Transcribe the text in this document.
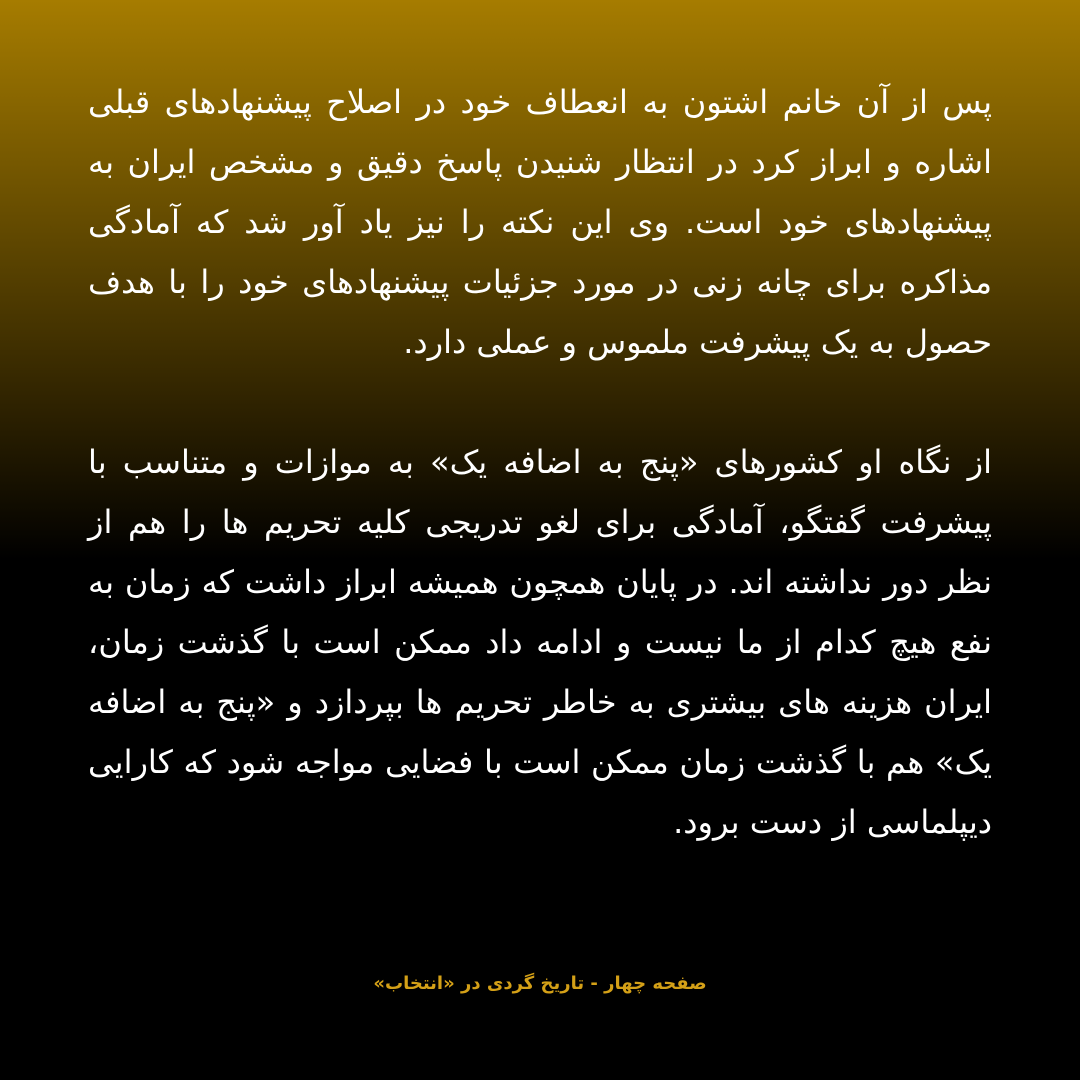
پس از آن خانم اشتون به انعطاف خود در اصلاح پیشنهادهای قبلی اشاره و ابراز کرد در انتظار شنیدن پاسخ دقیق و مشخص ایران به پیشنهادهای خود است. وی این نکته را نیز یاد آور شد که آمادگی مذاکره برای چانه زنی در مورد جزئیات پیشنهادهای خود را با هدف حصول به یک پیشرفت ملموس و عملی دارد.

از نگاه او کشورهای «پنج به اضافه یک» به موازات و متناسب با پیشرفت گفتگو، آمادگی برای لغو تدریجی کلیه تحریم ها را هم از نظر دور نداشته اند. در پایان همچون همیشه ابراز داشت که زمان به نفع هیچ کدام از ما نیست و ادامه داد ممکن است با گذشت زمان، ایران هزینه های بیشتری به خاطر تحریم ها بپردازد و «پنج به اضافه یک» هم با گذشت زمان ممکن است با فضایی مواجه شود که کارایی دیپلماسی از دست برود.

صفحه چهار - تاریخ گردی در «انتخاب»
